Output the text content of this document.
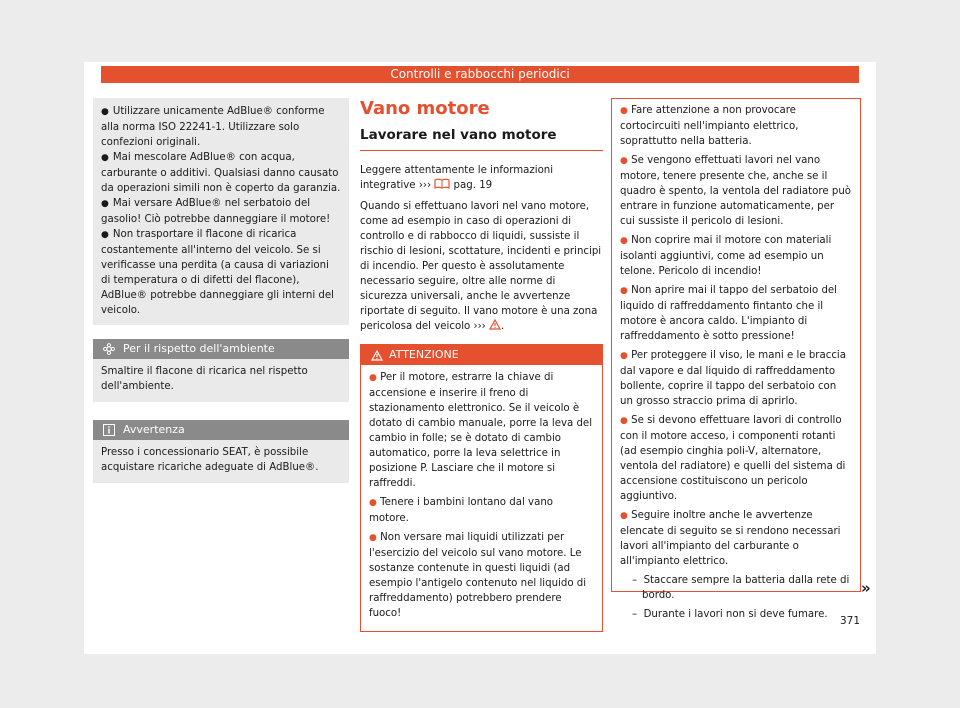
Controlli e rabbocchi periodici

● Utilizzare unicamente AdBlue® conforme alla norma ISO 22241-1. Utilizzare solo confezioni originali.

● Mai mescolare AdBlue® con acqua, carburante o additivi. Qualsiasi danno causato da operazioni simili non è coperto da garanzia.

● Mai versare AdBlue® nel serbatoio del gasolio! Ciò potrebbe danneggiare il motore!

● Non trasportare il flacone di ricarica costantemente all'interno del veicolo. Se si verificasse una perdita (a causa di variazioni di temperatura o di difetti del flacone), AdBlue® potrebbe danneggiare gli interni del veicolo.

Per il rispetto dell'ambiente
Smaltire il flacone di ricarica nel rispetto dell'ambiente.
Avvertenza
Presso i concessionario SEAT, è possibile acquistare ricariche adeguate di AdBlue®.
Vano motore
Lavorare nel vano motore

Leggere attentamente le informazioni integrative ›››  pag. 19

Quando si effettuano lavori nel vano motore, come ad esempio in caso di operazioni di controllo e di rabbocco di liquidi, sussiste il rischio di lesioni, scottature, incidenti e principi di incendio. Per questo è assolutamente necessario seguire, oltre alle norme di sicurezza universali, anche le avvertenze riportate di seguito. Il vano motore è una zona pericolosa del veicolo ››› .

ATTENZIONE

● Per il motore, estrarre la chiave di accensione e inserire il freno di stazionamento elettronico. Se il veicolo è dotato di cambio manuale, porre la leva del cambio in folle; se è dotato di cambio automatico, porre la leva selettrice in posizione P. Lasciare che il motore si raffreddi.

● Tenere i bambini lontano dal vano motore.

● Non versare mai liquidi utilizzati per l'esercizio del veicolo sul vano motore. Le sostanze contenute in questi liquidi (ad esempio l'antigelo contenuto nel liquido di raffreddamento) potrebbero prendere fuoco!

● Fare attenzione a non provocare cortocircuiti nell'impianto elettrico, soprattutto nella batteria.

● Se vengono effettuati lavori nel vano motore, tenere presente che, anche se il quadro è spento, la ventola del radiatore può entrare in funzione automaticamente, per cui sussiste il pericolo di lesioni.

● Non coprire mai il motore con materiali isolanti aggiuntivi, come ad esempio un telone. Pericolo di incendio!

● Non aprire mai il tappo del serbatoio del liquido di raffreddamento fintanto che il motore è ancora caldo. L'impianto di raffreddamento è sotto pressione!

● Per proteggere il viso, le mani e le braccia dal vapore e dal liquido di raffreddamento bollente, coprire il tappo del serbatoio con un grosso straccio prima di aprirlo.

● Se si devono effettuare lavori di controllo con il motore acceso, i componenti rotanti (ad esempio cinghia poli-V, alternatore, ventola del radiatore) e quelli del sistema di accensione costituiscono un pericolo aggiuntivo.

● Seguire inoltre anche le avvertenze elencate di seguito se si rendono necessari lavori all'impianto del carburante o all'impianto elettrico.

– Staccare sempre la batteria dalla rete di bordo.

– Durante i lavori non si deve fumare.

»
371
